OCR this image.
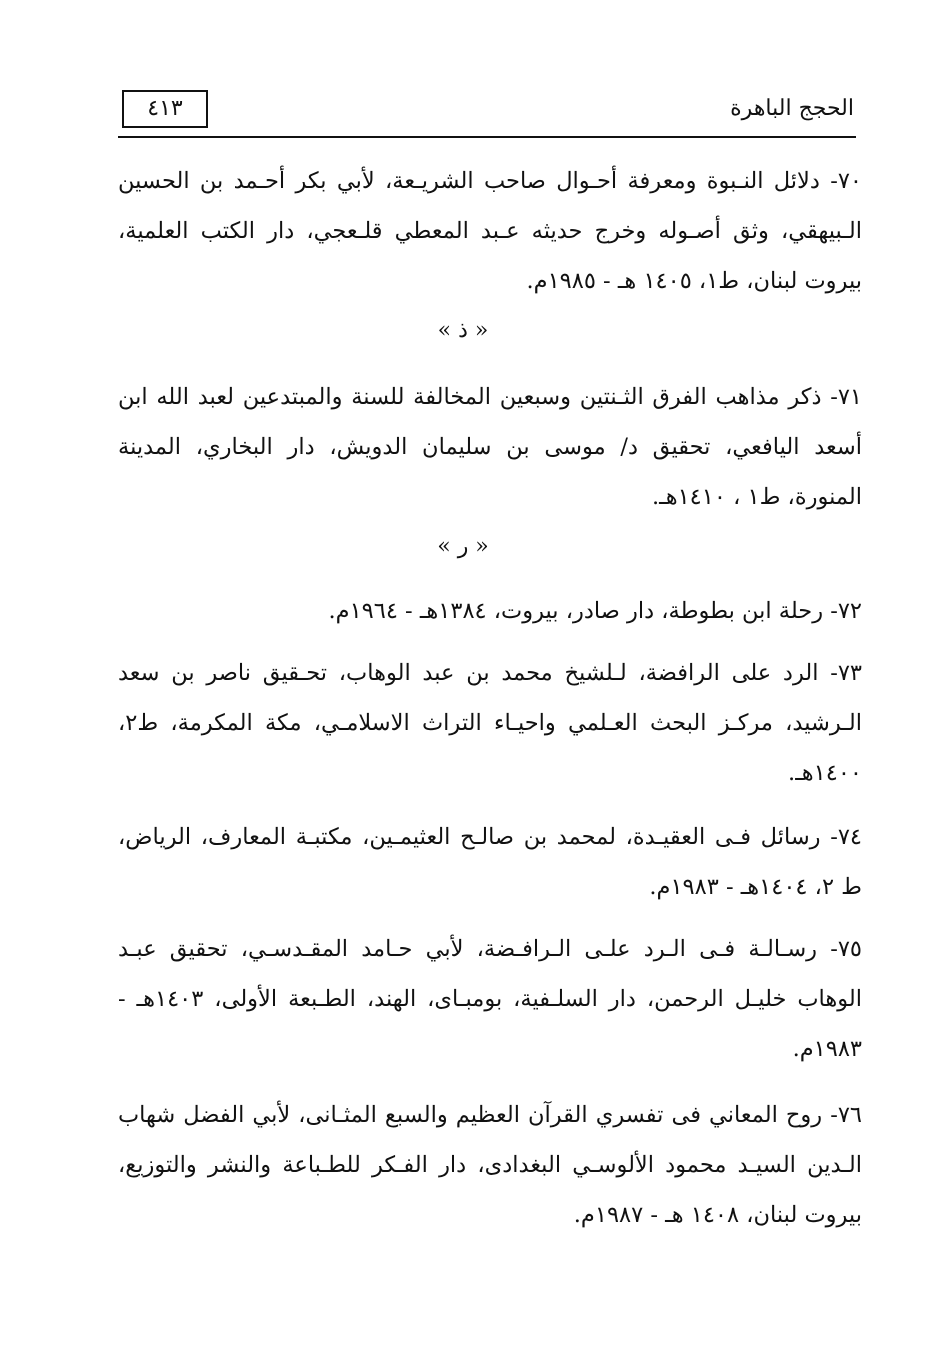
الحجج الباهرة
٤١٣
٧٠- دلائل النـبوة ومعرفة أحـوال صاحب الشريـعة، لأبي بكر أحـمد بن الحسين الـبيهقي، وثق أصـوله وخرج حديثه عـبد المعطي قلـعجي، دار الكتب العلمية، بيروت لبنان، ط١، ١٤٠٥ هـ - ١٩٨٥م.
« ذ »
٧١- ذكر مذاهب الفرق الثـنتين وسبعين المخالفة للسنة والمبتدعين لعبد الله ابن أسعد اليافعي، تحقيق د/ موسى بن سليمان الدويش، دار البخاري، المدينة المنورة، ط١ ، ١٤١٠هـ.
« ر »
٧٢- رحلة ابن بطوطة، دار صادر، بيروت، ١٣٨٤هـ - ١٩٦٤م.
٧٣- الرد على الرافضة، لـلشيخ محمد بن عبد الوهاب، تحـقيق ناصر بن سعد الـرشيد، مركـز البحث العـلمي واحيـاء التراث الاسلامـي، مكة المكرمة، ط٢، ١٤٠٠هـ.
٧٤- رسائل فـى العقيـدة، لمحمد بن صالـح العثيمـين، مكتبـة المعارف، الرياض، ط ٢، ١٤٠٤هـ - ١٩٨٣م.
٧٥- رسـالـة فـى الـرد علـى الـرافـضة، لأبي حـامد المقـدسـي، تحقيق عبـد الوهاب خليـل الرحمن، دار السلـفية، بومبـاى، الهند، الطـبعة الأولى، ١٤٠٣هـ - ١٩٨٣م.
٧٦- روح المعاني فى تفسري القرآن العظيم والسبع المثـانى، لأبي الفضل شهاب الـدين السيـد محمود الألوسـي البغدادى، دار الفـكر للطـباعة والنشر والتوزيع، بيروت لبنان، ١٤٠٨ هـ - ١٩٨٧م.
